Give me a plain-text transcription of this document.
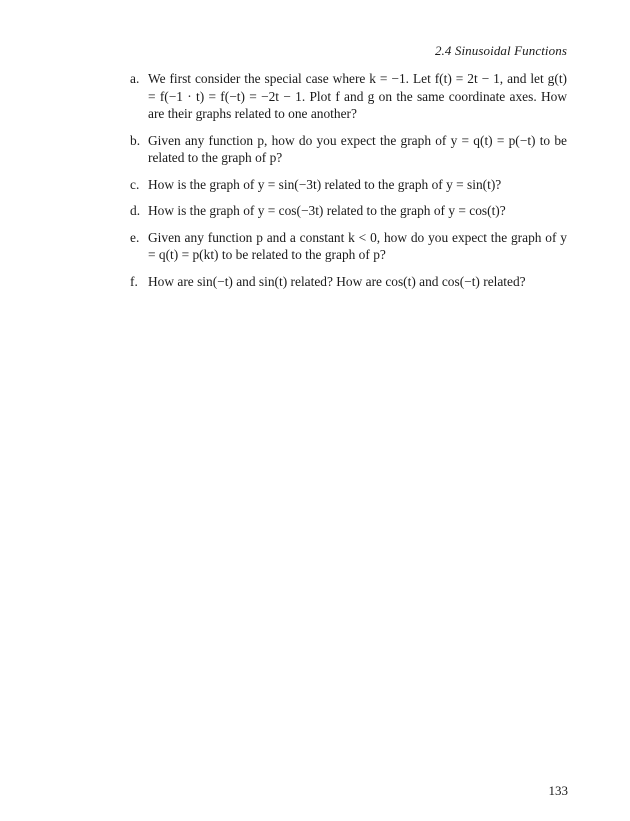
2.4 Sinusoidal Functions
a. We first consider the special case where k = −1. Let f(t) = 2t − 1, and let g(t) = f(−1 · t) = f(−t) = −2t − 1. Plot f and g on the same coordinate axes. How are their graphs related to one another?
b. Given any function p, how do you expect the graph of y = q(t) = p(−t) to be related to the graph of p?
c. How is the graph of y = sin(−3t) related to the graph of y = sin(t)?
d. How is the graph of y = cos(−3t) related to the graph of y = cos(t)?
e. Given any function p and a constant k < 0, how do you expect the graph of y = q(t) = p(kt) to be related to the graph of p?
f. How are sin(−t) and sin(t) related? How are cos(t) and cos(−t) related?
133
